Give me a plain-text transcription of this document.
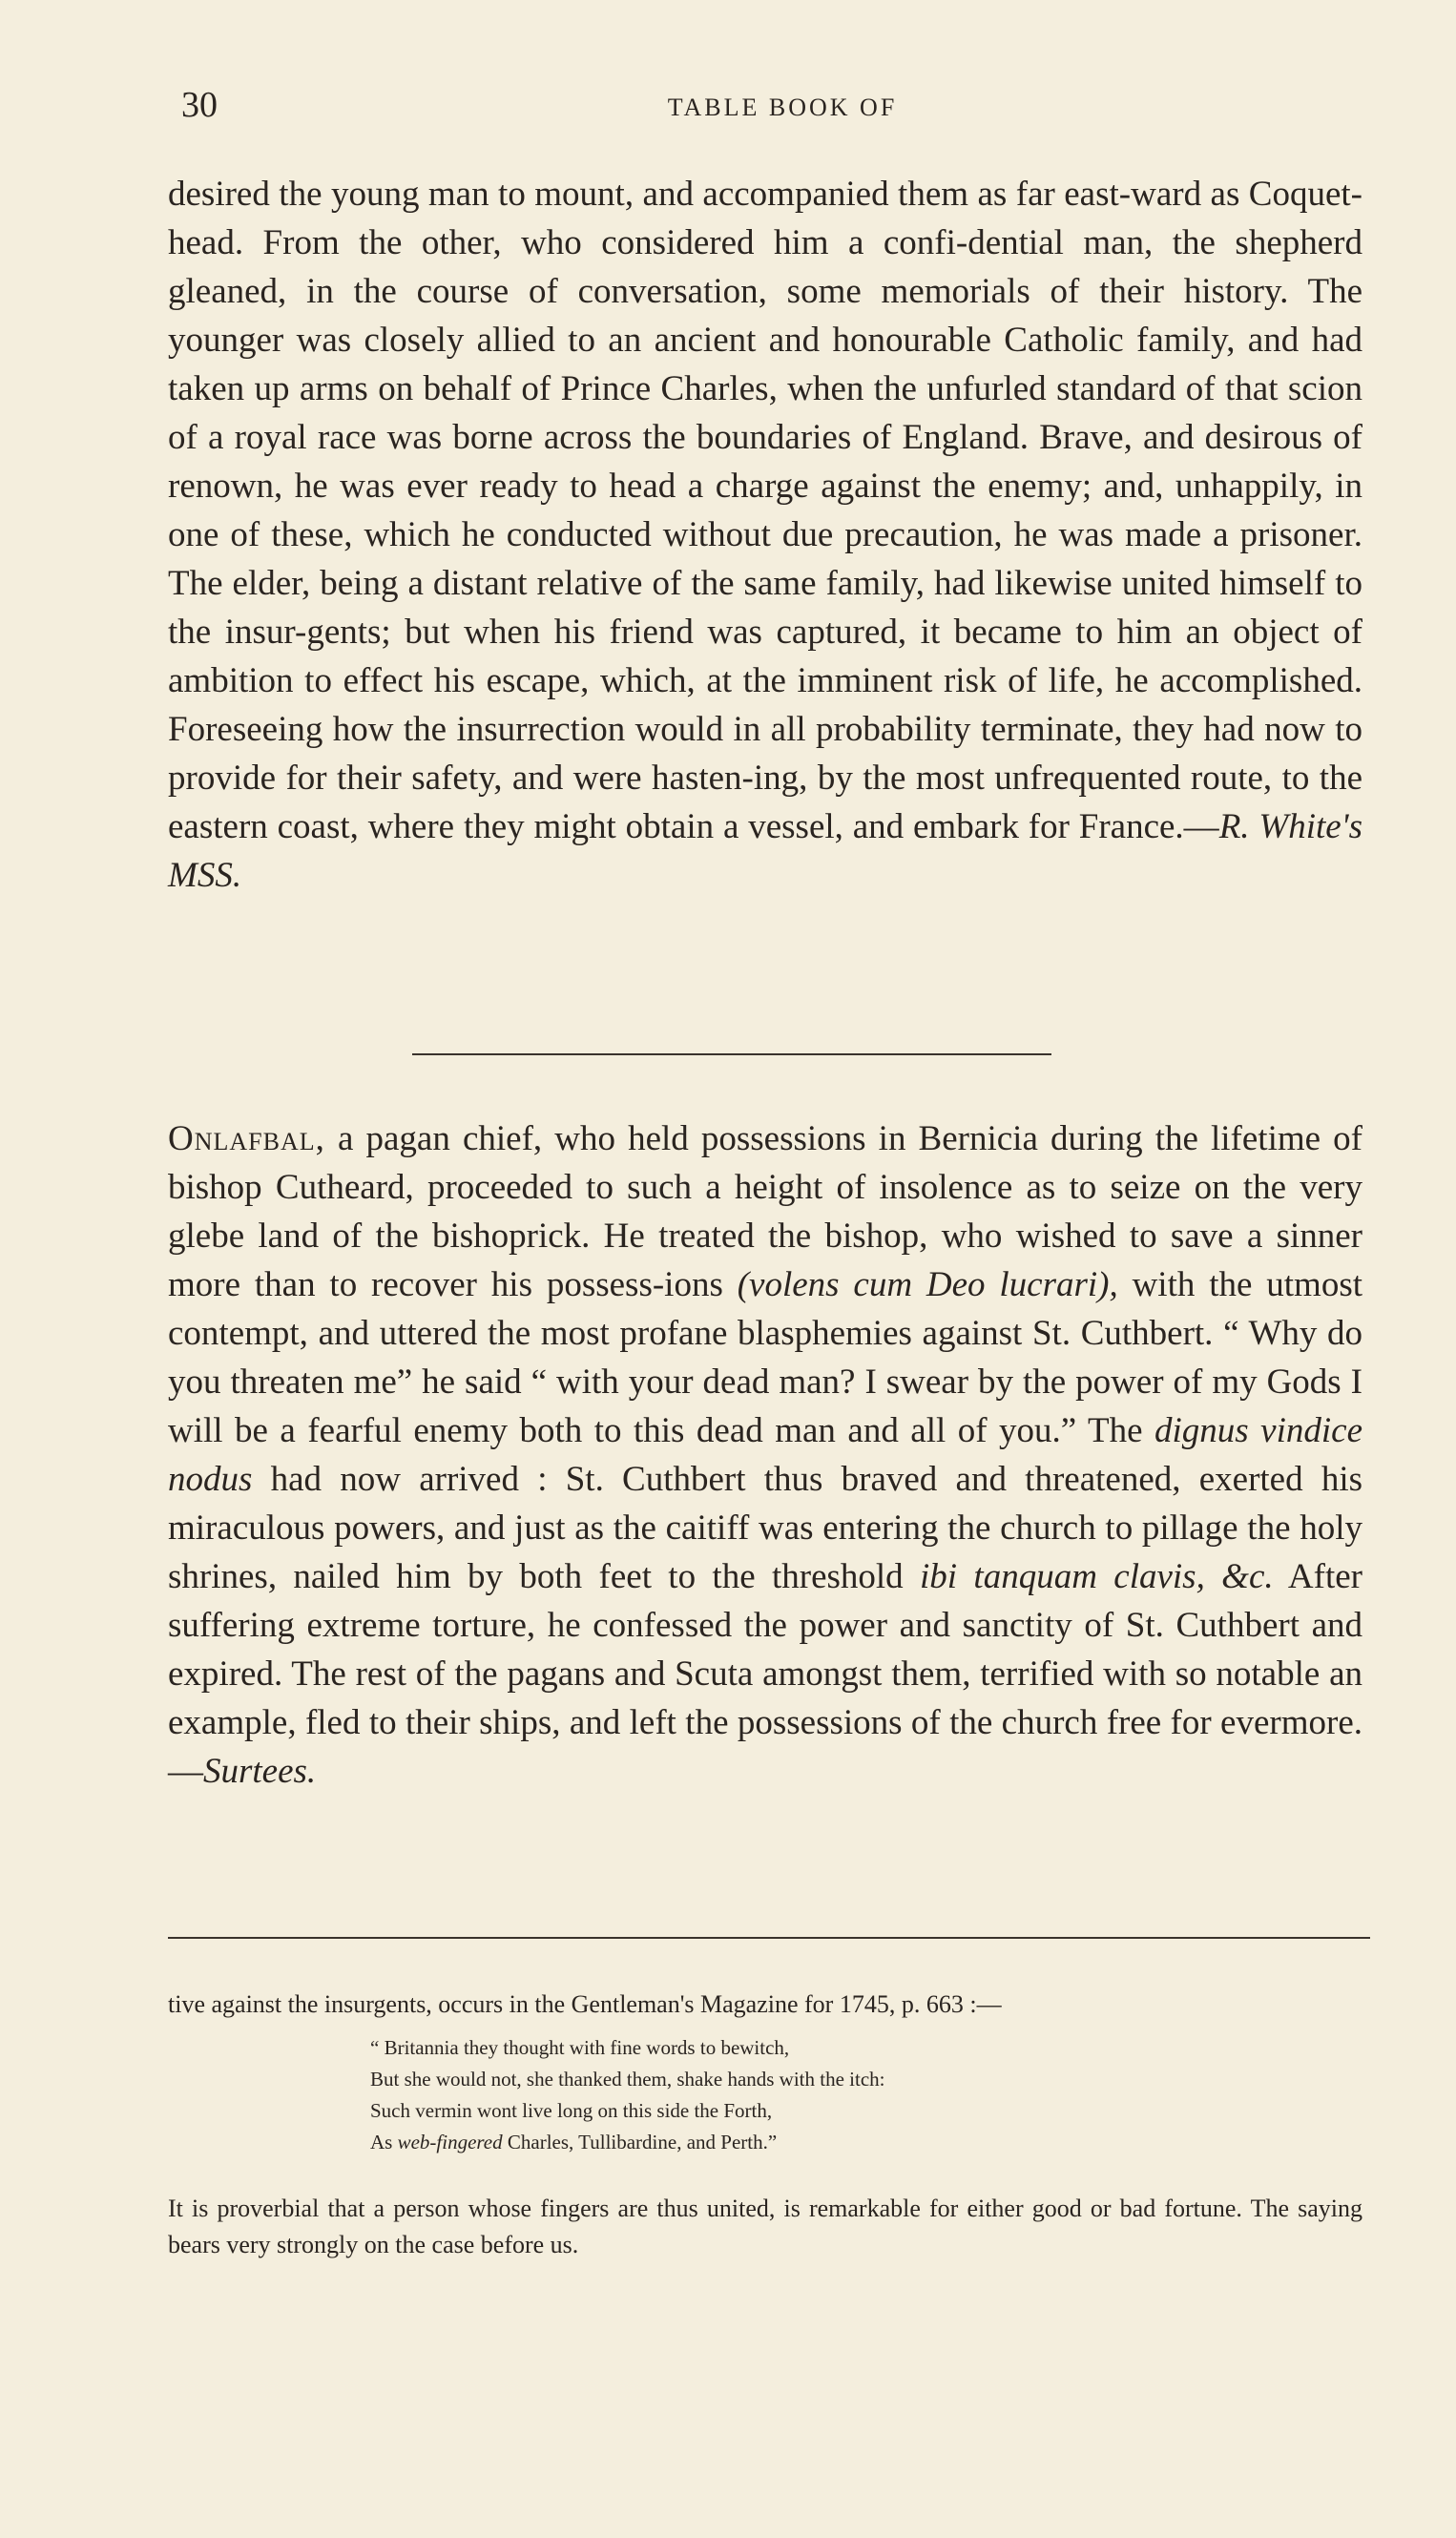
30	TABLE BOOK OF

desired the young man to mount, and accompanied them as far east-ward as Coquet-head. From the other, who considered him a confi-dential man, the shepherd gleaned, in the course of conversation, some memorials of their history. The younger was closely allied to an ancient and honourable Catholic family, and had taken up arms on behalf of Prince Charles, when the unfurled standard of that scion of a royal race was borne across the boundaries of England. Brave, and desirous of renown, he was ever ready to head a charge against the enemy; and, unhappily, in one of these, which he conducted without due precaution, he was made a prisoner. The elder, being a distant relative of the same family, had likewise united himself to the insur-gents; but when his friend was captured, it became to him an object of ambition to effect his escape, which, at the imminent risk of life, he accomplished. Foreseeing how the insurrection would in all probability terminate, they had now to provide for their safety, and were hasten-ing, by the most unfrequented route, to the eastern coast, where they might obtain a vessel, and embark for France.—R. White's MSS.

Onlafbal, a pagan chief, who held possessions in Bernicia during the lifetime of bishop Cutheard, proceeded to such a height of insolence as to seize on the very glebe land of the bishoprick. He treated the bishop, who wished to save a sinner more than to recover his possess-ions (volens cum Deo lucrari), with the utmost contempt, and uttered the most profane blasphemies against St. Cuthbert. “ Why do you threaten me” he said “ with your dead man? I swear by the power of my Gods I will be a fearful enemy both to this dead man and all of you.” The dignus vindice nodus had now arrived : St. Cuthbert thus braved and threatened, exerted his miraculous powers, and just as the caitiff was entering the church to pillage the holy shrines, nailed him by both feet to the threshold ibi tanquam clavis, &c. After suffering extreme torture, he confessed the power and sanctity of St. Cuthbert and expired. The rest of the pagans and Scuta amongst them, terrified with so notable an example, fled to their ships, and left the possessions of the church free for evermore.—Surtees.

tive against the insurgents, occurs in the Gentleman's Magazine for 1745, p. 663 :—

“ Britannia they thought with fine words to bewitch,
But she would not, she thanked them, shake hands with the itch:
Such vermin wont live long on this side the Forth,
As web-fingered Charles, Tullibardine, and Perth.”

It is proverbial that a person whose fingers are thus united, is remarkable for either good or bad fortune. The saying bears very strongly on the case before us.
